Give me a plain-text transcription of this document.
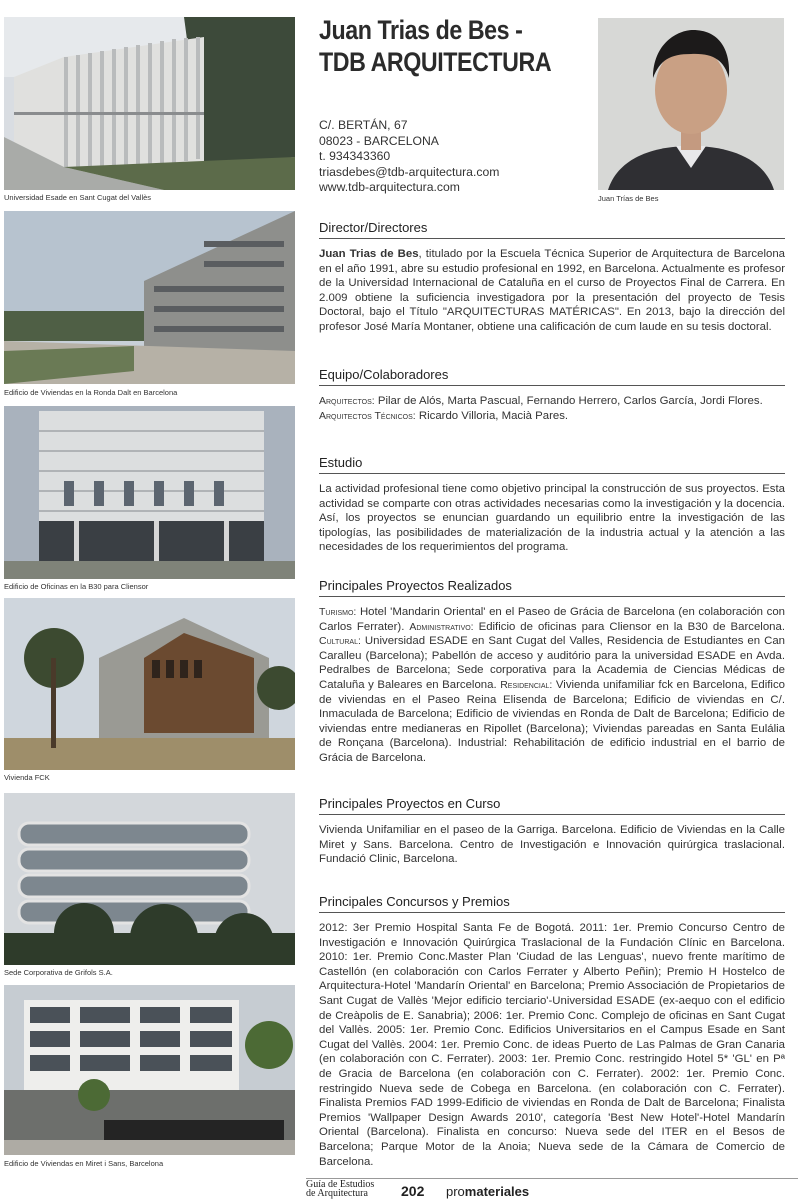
Universidad Esade en Sant Cugat del Vallès
Edificio de Viviendas en la Ronda Dalt en Barcelona
Edificio de Oficinas en la B30 para Cliensor
Vivienda FCK
Sede Corporativa de Grifols S.A.
Edificio de Viviendas en Miret i Sans, Barcelona
Juan Trias de Bes -
TDB ARQUITECTURA
C/. BERTÁN, 67
08023 - BARCELONA
t. 934343360
triasdebes@tdb-arquitectura.com
www.tdb-arquitectura.com
Juan Trías de Bes
Director/Directores
Juan Trias de Bes, titulado por la Escuela Técnica Superior de Arquitectura de Barcelona en el año 1991, abre su estudio profesional en 1992, en Barcelona. Actualmente es profesor de la Universidad Internacional de Cataluña en el curso de Proyectos Final de Carrera. En 2.009 obtiene la suficiencia investigadora por la presentación del proyecto de Tesis Doctoral, bajo el Título "ARQUITECTURAS MATÉRICAS". En 2013, bajo la dirección del profesor José María Montaner, obtiene una calificación de cum laude en su tesis doctoral.
Equipo/Colaboradores
Arquitectos: Pilar de Alós, Marta Pascual, Fernando Herrero, Carlos García, Jordi Flores.
Arquitectos Técnicos: Ricardo Villoria, Macià Pares.
Estudio
La actividad profesional tiene como objetivo principal la construcción de sus proyectos. Esta actividad se comparte con otras actividades necesarias como la investigación y la docencia. Así, los proyectos se enuncian guardando un equilibrio entre la investigación de las tipologías, las posibilidades de materialización de la industria actual y la atención a las necesidades de los requerimientos del programa.
Principales Proyectos Realizados
Turismo: Hotel 'Mandarin Oriental' en el Paseo de Grácia de Barcelona (en colaboración con Carlos Ferrater). Administrativo: Edificio de oficinas para Cliensor en la B30 de Barcelona. Cultural: Universidad ESADE en Sant Cugat del Valles, Residencia de Estudiantes en Can Caralleu (Barcelona); Pabellón de acceso y auditório para la universidad ESADE en Avda. Pedralbes de Barcelona; Sede corporativa para la Academia de Ciencias Médicas de Cataluña y Baleares en Barcelona. Residencial: Vivienda unifamiliar fck en Barcelona, Edifico de viviendas en el Paseo Reina Elisenda de Barcelona; Edificio de viviendas en C/. Inmaculada de Barcelona; Edificio de viviendas en Ronda de Dalt de Barcelona; Edificio de viviendas entre medianeras en Ripollet (Barcelona); Viviendas pareadas en Santa Eulália de Ronçana (Barcelona). Industrial: Rehabilitación de edificio industrial en el barrio de Grácia de Barcelona.
Principales Proyectos en Curso
Vivienda Unifamiliar en el paseo de la Garriga. Barcelona. Edificio de Viviendas en la Calle Miret y Sans. Barcelona. Centro de Investigación e Innovación quirúrgica traslacional. Fundació Clinic, Barcelona.
Principales Concursos y Premios
2012: 3er Premio Hospital Santa Fe de Bogotá. 2011: 1er. Premio Concurso Centro de Investigación e Innovación Quirúrgica Traslacional de la Fundación Clínic en Barcelona. 2010: 1er. Premio Conc.Master Plan 'Ciudad de las Lenguas', nuevo frente marítimo de Castellón (en colaboración con Carlos Ferrater y Alberto Peñin); Premio H Hostelco de Arquitectura-Hotel 'Mandarín Oriental' en Barcelona; Premio Associación de Propietarios de Sant Cugat de Vallès 'Mejor edificio terciario'-Universidad ESADE (ex-aequo con el edificio de Creàpolis de E. Sanabria); 2006: 1er. Premio Conc. Complejo de oficinas en Sant Cugat del Vallès. 2005: 1er. Premio Conc. Edificios Universitarios en el Campus Esade en Sant Cugat del Vallès. 2004: 1er. Premio Conc. de ideas Puerto de Las Palmas de Gran Canaria (en colaboración con C. Ferrater). 2003: 1er. Premio Conc. restringido Hotel 5* 'GL' en Pª de Gracia de Barcelona (en colaboración con C. Ferrater). 2002: 1er. Premio Conc. restringido Nueva sede de Cobega en Barcelona. (en colaboración con C. Ferrater). Finalista Premios FAD 1999-Edificio de viviendas en Ronda de Dalt de Barcelona; Finalista Premios 'Wallpaper Design Awards 2010', categoría 'Best New Hotel'-Hotel Mandarín Oriental (Barcelona). Finalista en concurso: Nueva sede del ITER en el Besos de Barcelona; Parque Motor de la Anoia; Nueva sede de la Cámara de Comercio de Barcelona.
Guía de Estudios
de Arquitectura	202 promateriales
